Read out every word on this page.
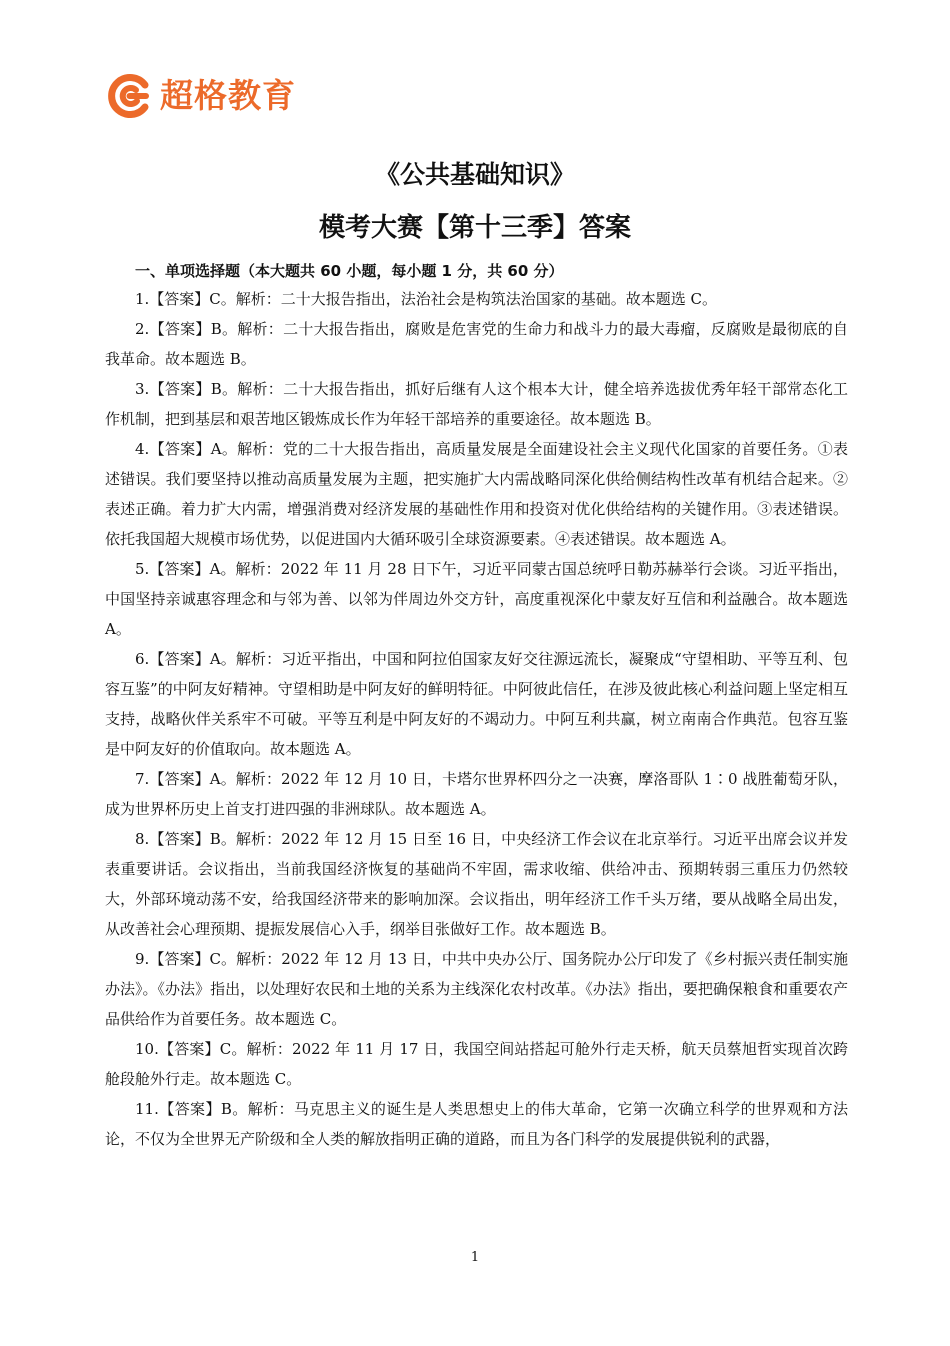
超格教育
《公共基础知识》
模考大赛【第十三季】答案

一、单项选择题（本大题共 60 小题，每小题 1 分，共 60 分）

1.【答案】C。解析：二十大报告指出，法治社会是构筑法治国家的基础。故本题选 C。

2.【答案】B。解析：二十大报告指出，腐败是危害党的生命力和战斗力的最大毒瘤，反腐败是最彻底的自我革命。故本题选 B。

3.【答案】B。解析：二十大报告指出，抓好后继有人这个根本大计，健全培养选拔优秀年轻干部常态化工作机制，把到基层和艰苦地区锻炼成长作为年轻干部培养的重要途径。故本题选 B。

4.【答案】A。解析：党的二十大报告指出，高质量发展是全面建设社会主义现代化国家的首要任务。①表述错误。我们要坚持以推动高质量发展为主题，把实施扩大内需战略同深化供给侧结构性改革有机结合起来。②表述正确。着力扩大内需，增强消费对经济发展的基础性作用和投资对优化供给结构的关键作用。③表述错误。依托我国超大规模市场优势，以促进国内大循环吸引全球资源要素。④表述错误。故本题选 A。

5.【答案】A。解析：2022 年 11 月 28 日下午，习近平同蒙古国总统呼日勒苏赫举行会谈。习近平指出，中国坚持亲诚惠容理念和与邻为善、以邻为伴周边外交方针，高度重视深化中蒙友好互信和利益融合。故本题选 A。

6.【答案】A。解析：习近平指出，中国和阿拉伯国家友好交往源远流长，凝聚成“守望相助、平等互利、包容互鉴”的中阿友好精神。守望相助是中阿友好的鲜明特征。中阿彼此信任，在涉及彼此核心利益问题上坚定相互支持，战略伙伴关系牢不可破。平等互利是中阿友好的不竭动力。中阿互利共赢，树立南南合作典范。包容互鉴是中阿友好的价值取向。故本题选 A。

7.【答案】A。解析：2022 年 12 月 10 日，卡塔尔世界杯四分之一决赛，摩洛哥队 1∶0 战胜葡萄牙队，成为世界杯历史上首支打进四强的非洲球队。故本题选 A。

8.【答案】B。解析：2022 年 12 月 15 日至 16 日，中央经济工作会议在北京举行。习近平出席会议并发表重要讲话。会议指出，当前我国经济恢复的基础尚不牢固，需求收缩、供给冲击、预期转弱三重压力仍然较大，外部环境动荡不安，给我国经济带来的影响加深。会议指出，明年经济工作千头万绪，要从战略全局出发，从改善社会心理预期、提振发展信心入手，纲举目张做好工作。故本题选 B。

9.【答案】C。解析：2022 年 12 月 13 日，中共中央办公厅、国务院办公厅印发了《乡村振兴责任制实施办法》。《办法》指出，以处理好农民和土地的关系为主线深化农村改革。《办法》指出，要把确保粮食和重要农产品供给作为首要任务。故本题选 C。

10.【答案】C。解析：2022 年 11 月 17 日，我国空间站搭起可舱外行走天桥，航天员蔡旭哲实现首次跨舱段舱外行走。故本题选 C。

11.【答案】B。解析：马克思主义的诞生是人类思想史上的伟大革命，它第一次确立科学的世界观和方法论，不仅为全世界无产阶级和全人类的解放指明正确的道路，而且为各门科学的发展提供锐利的武器，

1
